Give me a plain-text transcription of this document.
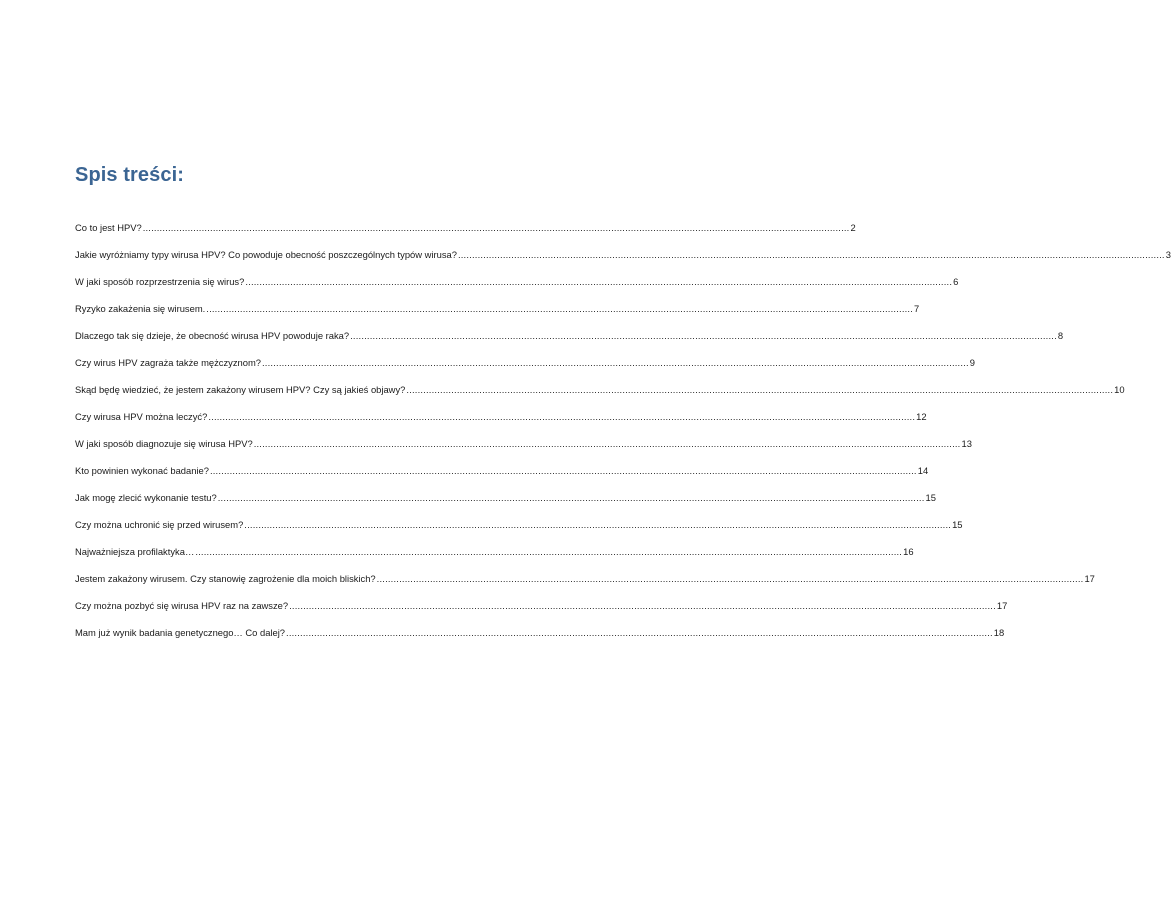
Spis treści:
Co to jest HPV? .....	2
Jakie wyróżniamy typy wirusa HPV? Co powoduje obecność poszczególnych typów wirusa? .....	3
W jaki sposób rozprzestrzenia się wirus? .....	6
Ryzyko zakażenia się wirusem. .....	7
Dlaczego tak się dzieje, że obecność wirusa HPV powoduje raka? .....	8
Czy wirus HPV zagraża także mężczyznom? .....	9
Skąd będę wiedzieć, że jestem zakażony wirusem HPV? Czy są jakieś objawy? .....	10
Czy wirusa HPV można leczyć? .....	12
W jaki sposób diagnozuje się wirusa HPV? .....	13
Kto powinien wykonać badanie? .....	14
Jak mogę zlecić wykonanie testu? .....	15
Czy można uchronić się przed wirusem? .....	15
Najważniejsza profilaktyka… .....	16
Jestem zakażony wirusem. Czy stanowię zagrożenie dla moich bliskich? .....	17
Czy można pozbyć się wirusa HPV raz na zawsze? .....	17
Mam już wynik badania genetycznego… Co dalej? .....	18
